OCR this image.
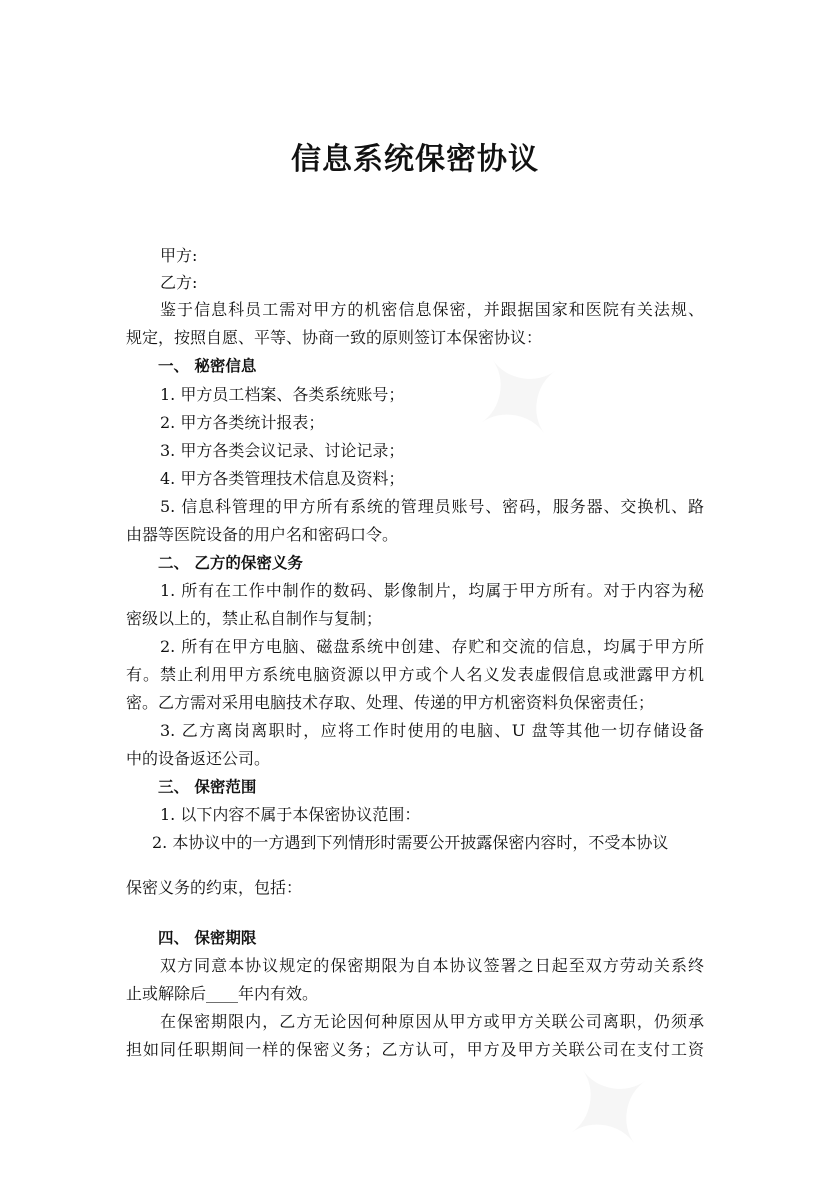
信息系统保密协议

甲方:

乙方:

鉴于信息科员工需对甲方的机密信息保密，并跟据国家和医院有关法规、

规定，按照自愿、平等、协商一致的原则签订本保密协议：

一、 秘密信息

1. 甲方员工档案、各类系统账号；

2. 甲方各类统计报表；

3. 甲方各类会议记录、讨论记录；

4. 甲方各类管理技术信息及资料；

5. 信息科管理的甲方所有系统的管理员账号、密码，服务器、交换机、路

由器等医院设备的用户名和密码口令。

二、 乙方的保密义务

1. 所有在工作中制作的数码、影像制片，均属于甲方所有。对于内容为秘

密级以上的，禁止私自制作与复制；

2. 所有在甲方电脑、磁盘系统中创建、存贮和交流的信息，均属于甲方所

有。禁止利用甲方系统电脑资源以甲方或个人名义发表虚假信息或泄露甲方机

密。乙方需对采用电脑技术存取、处理、传递的甲方机密资料负保密责任；

3. 乙方离岗离职时，应将工作时使用的电脑、U 盘等其他一切存储设备

中的设备返还公司。

三、 保密范围

1. 以下内容不属于本保密协议范围：

2. 本协议中的一方遇到下列情形时需要公开披露保密内容时，不受本协议

保密义务的约束，包括：

四、 保密期限

双方同意本协议规定的保密期限为自本协议签署之日起至双方劳动关系终

止或解除后____年内有效。

在保密期限内，乙方无论因何种原因从甲方或甲方关联公司离职，仍须承

担如同任职期间一样的保密义务；乙方认可，甲方及甲方关联公司在支付工资
